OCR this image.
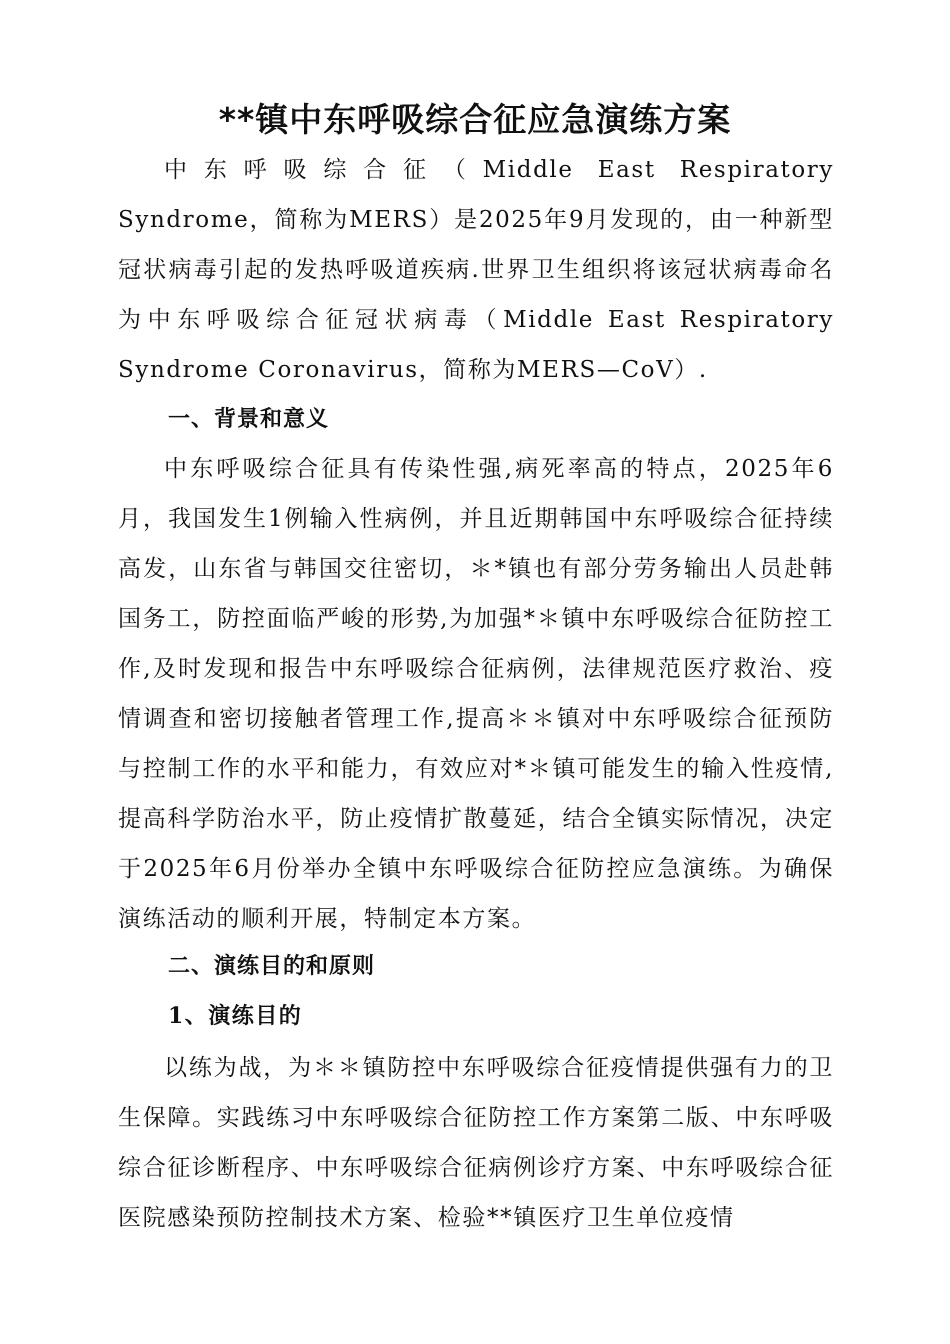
**镇中东呼吸综合征应急演练方案

中东呼吸综合征（Middle East Respiratory Syndrome，简称为MERS）是2025年9月发现的，由一种新型冠状病毒引起的发热呼吸道疾病.世界卫生组织将该冠状病毒命名为中东呼吸综合征冠状病毒（Middle East Respiratory Syndrome Coronavirus，简称为MERS—CoV）.

一、背景和意义

中东呼吸综合征具有传染性强,病死率高的特点，2025年6月，我国发生1例输入性病例，并且近期韩国中东呼吸综合征持续高发，山东省与韩国交往密切，＊*镇也有部分劳务输出人员赴韩国务工，防控面临严峻的形势,为加强*＊镇中东呼吸综合征防控工作,及时发现和报告中东呼吸综合征病例，法律规范医疗救治、疫情调查和密切接触者管理工作,提高＊＊镇对中东呼吸综合征预防与控制工作的水平和能力，有效应对*＊镇可能发生的输入性疫情,提高科学防治水平，防止疫情扩散蔓延，结合全镇实际情况，决定于2025年6月份举办全镇中东呼吸综合征防控应急演练。为确保演练活动的顺利开展，特制定本方案。

二、演练目的和原则
1、演练目的

以练为战，为＊＊镇防控中东呼吸综合征疫情提供强有力的卫生保障。实践练习中东呼吸综合征防控工作方案第二版、中东呼吸综合征诊断程序、中东呼吸综合征病例诊疗方案、中东呼吸综合征医院感染预防控制技术方案、检验**镇医疗卫生单位疫情
